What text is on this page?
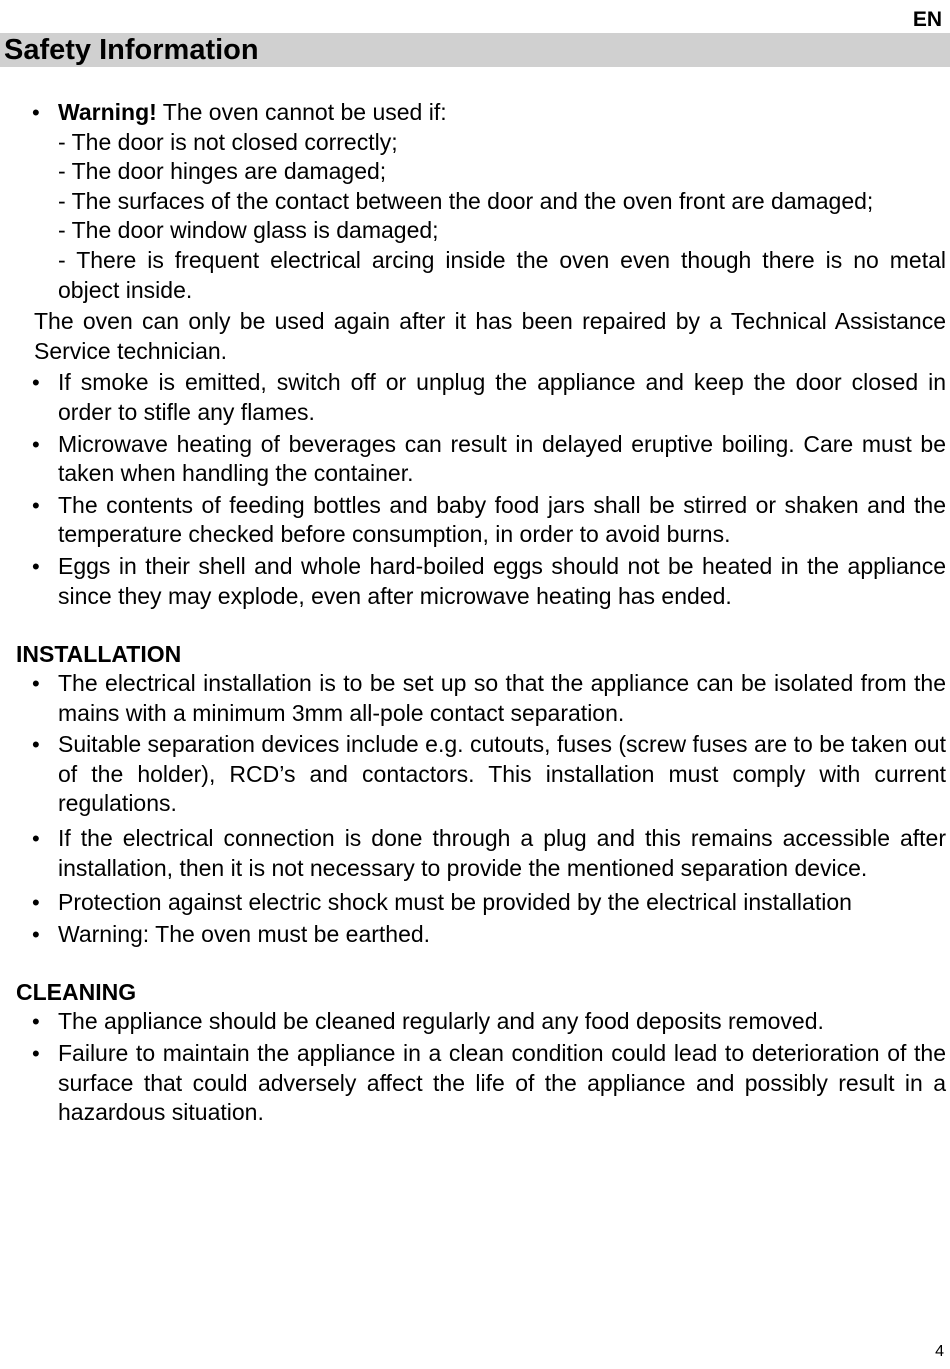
EN
Safety Information
• Warning! The oven cannot be used if:
- The door is not closed correctly;
- The door hinges are damaged;
- The surfaces of the contact between the door and the oven front are damaged;
- The door window glass is damaged;
- There is frequent electrical arcing inside the oven even though there is no metal object inside.
The oven can only be used again after it has been repaired by a Technical Assistance Service technician.
• If smoke is emitted, switch off or unplug the appliance and keep the door closed in order to stifle any flames.
• Microwave heating of beverages can result in delayed eruptive boiling. Care must be taken when handling the container.
• The contents of feeding bottles and baby food jars shall be stirred or shaken and the temperature checked before consumption, in order to avoid burns.
• Eggs in their shell and whole hard-boiled eggs should not be heated in the appliance since they may explode, even after microwave heating has ended.
INSTALLATION
• The electrical installation is to be set up so that the appliance can be isolated from the mains with a minimum 3mm all-pole contact separation.
• Suitable separation devices include e.g. cutouts, fuses (screw fuses are to be taken out of the holder), RCD’s and contactors. This installation must comply with current regulations.
• If the electrical connection is done through a plug and this remains accessible after installation, then it is not necessary to provide the mentioned separation device.
• Protection against electric shock must be provided by the electrical installation
• Warning: The oven must be earthed.
CLEANING
• The appliance should be cleaned regularly and any food deposits removed.
• Failure to maintain the appliance in a clean condition could lead to deterioration of the surface that could adversely affect the life of the appliance and possibly result in a hazardous situation.
4
